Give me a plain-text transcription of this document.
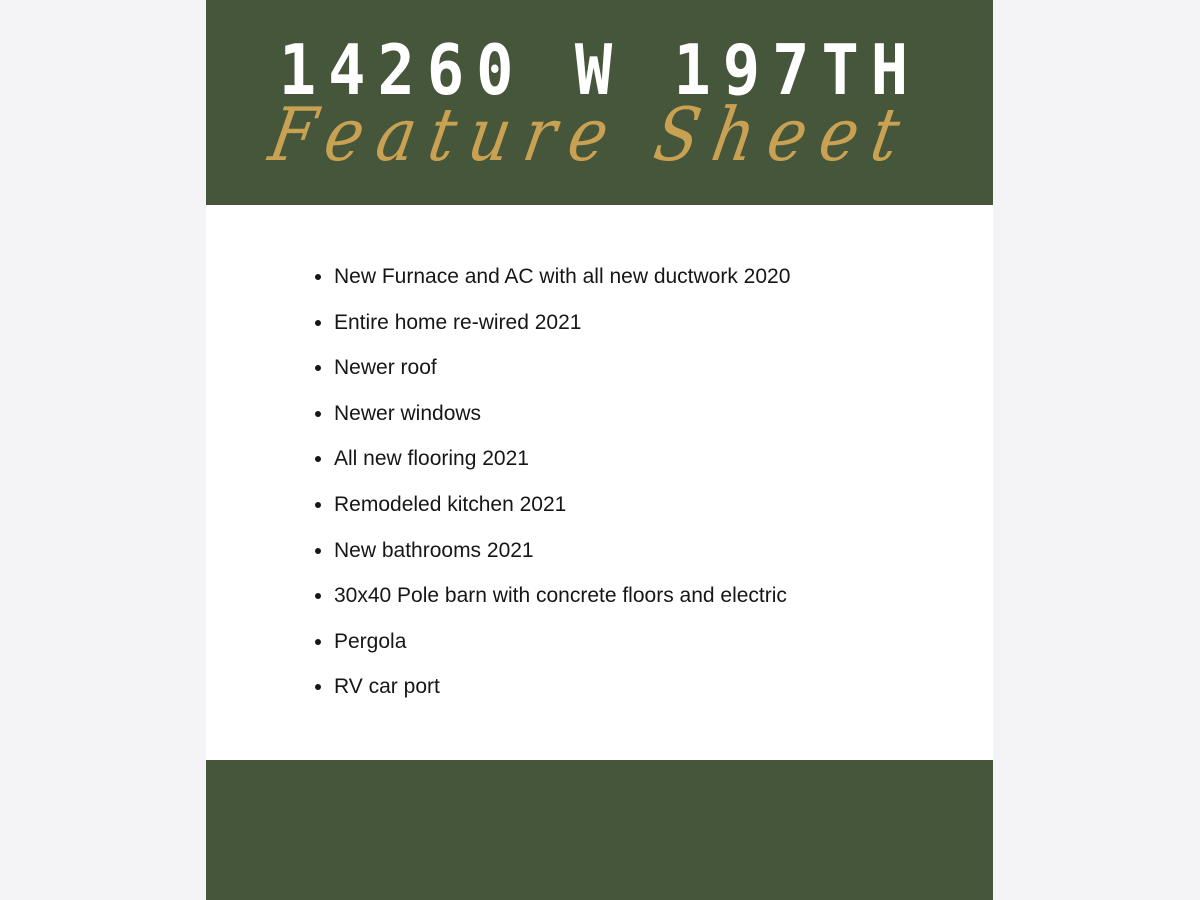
14260 W 197TH
Feature Sheet
New Furnace and AC with all new ductwork 2020
Entire home re-wired 2021
Newer roof
Newer windows
All new flooring 2021
Remodeled kitchen 2021
New bathrooms 2021
30x40 Pole barn with concrete floors and electric
Pergola
RV car port
